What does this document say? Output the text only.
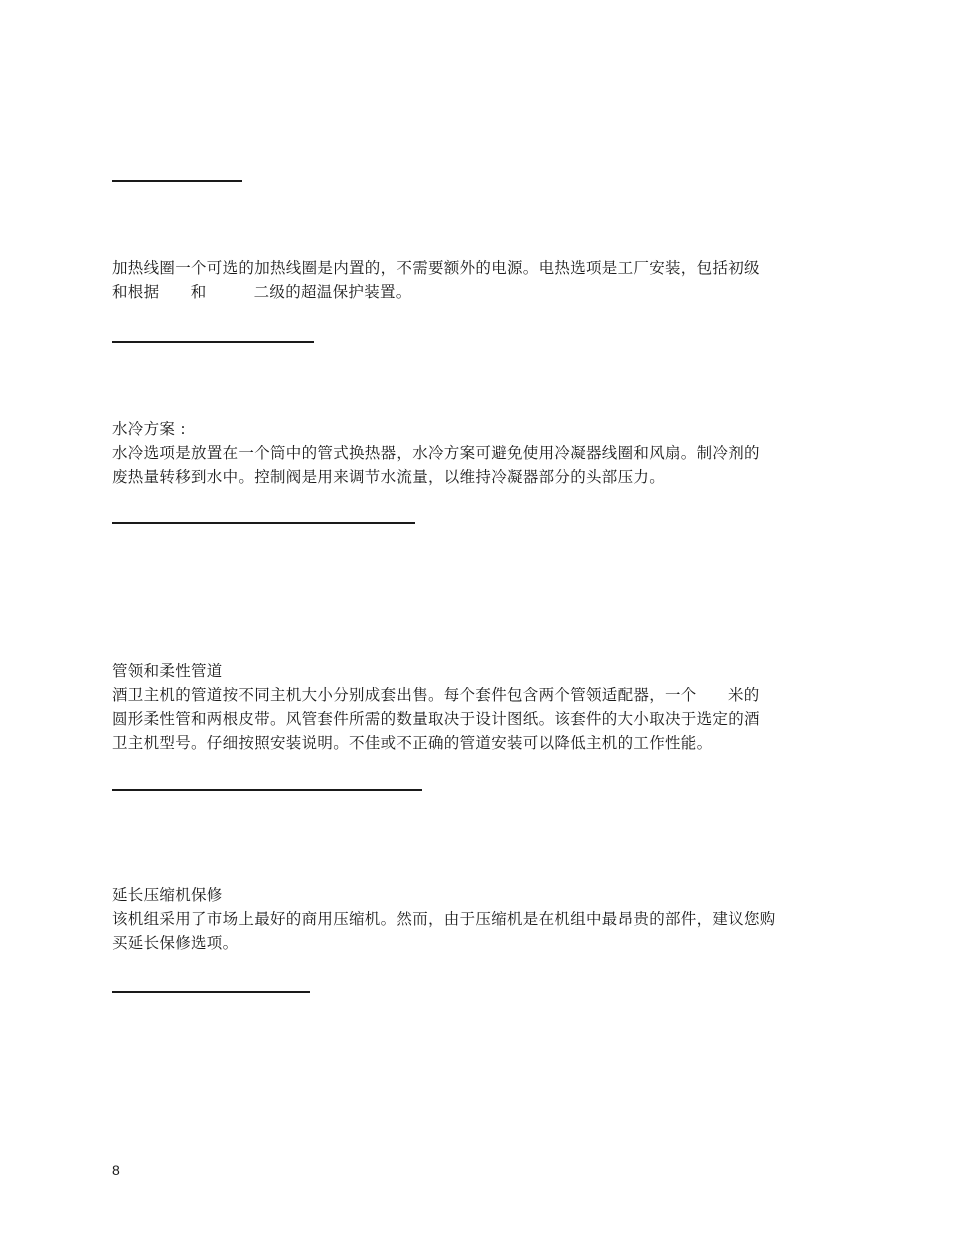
加热线圈一个可选的加热线圈是内置的，不需要额外的电源。电热选项是工厂安装，包括初级
和根据      和         二级的超温保护装置。
水冷方案 :
水冷选项是放置在一个筒中的管式换热器，水冷方案可避免使用冷凝器线圈和风扇。制冷剂的
废热量转移到水中。控制阀是用来调节水流量，以维持冷凝器部分的头部压力。
管领和柔性管道
酒卫主机的管道按不同主机大小分别成套出售。每个套件包含两个管领适配器，一个      米的
圆形柔性管和两根皮带。风管套件所需的数量取决于设计图纸。该套件的大小取决于选定的酒
卫主机型号。仔细按照安装说明。不佳或不正确的管道安装可以降低主机的工作性能。
延长压缩机保修
该机组采用了市场上最好的商用压缩机。然而，由于压缩机是在机组中最昂贵的部件，建议您购
买延长保修选项。
8
